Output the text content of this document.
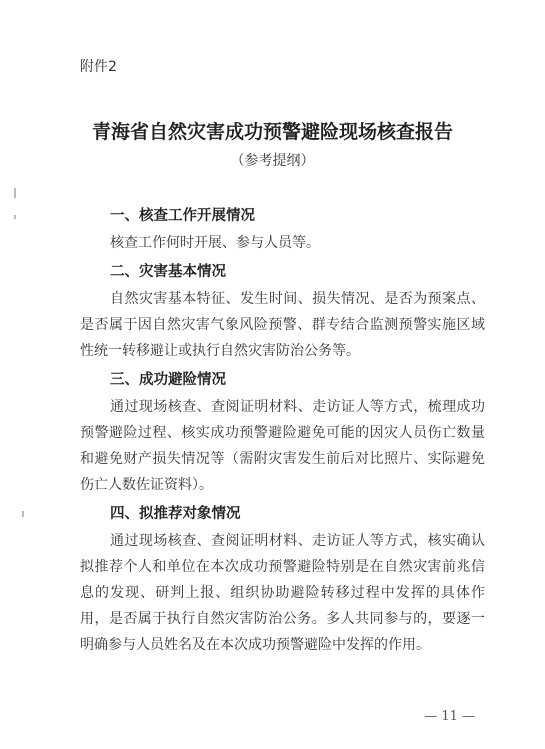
附件2
青海省自然灾害成功预警避险现场核查报告
（参考提纲）

一、核查工作开展情况

核查工作何时开展、参与人员等。

二、灾害基本情况

自然灾害基本特征、发生时间、损失情况、是否为预案点、是否属于因自然灾害气象风险预警、群专结合监测预警实施区域性统一转移避让或执行自然灾害防治公务等。

三、成功避险情况

通过现场核查、查阅证明材料、走访证人等方式，梳理成功预警避险过程、核实成功预警避险避免可能的因灾人员伤亡数量和避免财产损失情况等（需附灾害发生前后对比照片、实际避免伤亡人数佐证资料）。

四、拟推荐对象情况

通过现场核查、查阅证明材料、走访证人等方式，核实确认拟推荐个人和单位在本次成功预警避险特别是在自然灾害前兆信息的发现、研判上报、组织协助避险转移过程中发挥的具体作用，是否属于执行自然灾害防治公务。多人共同参与的，要逐一明确参与人员姓名及在本次成功预警避险中发挥的作用。

— 11 —
